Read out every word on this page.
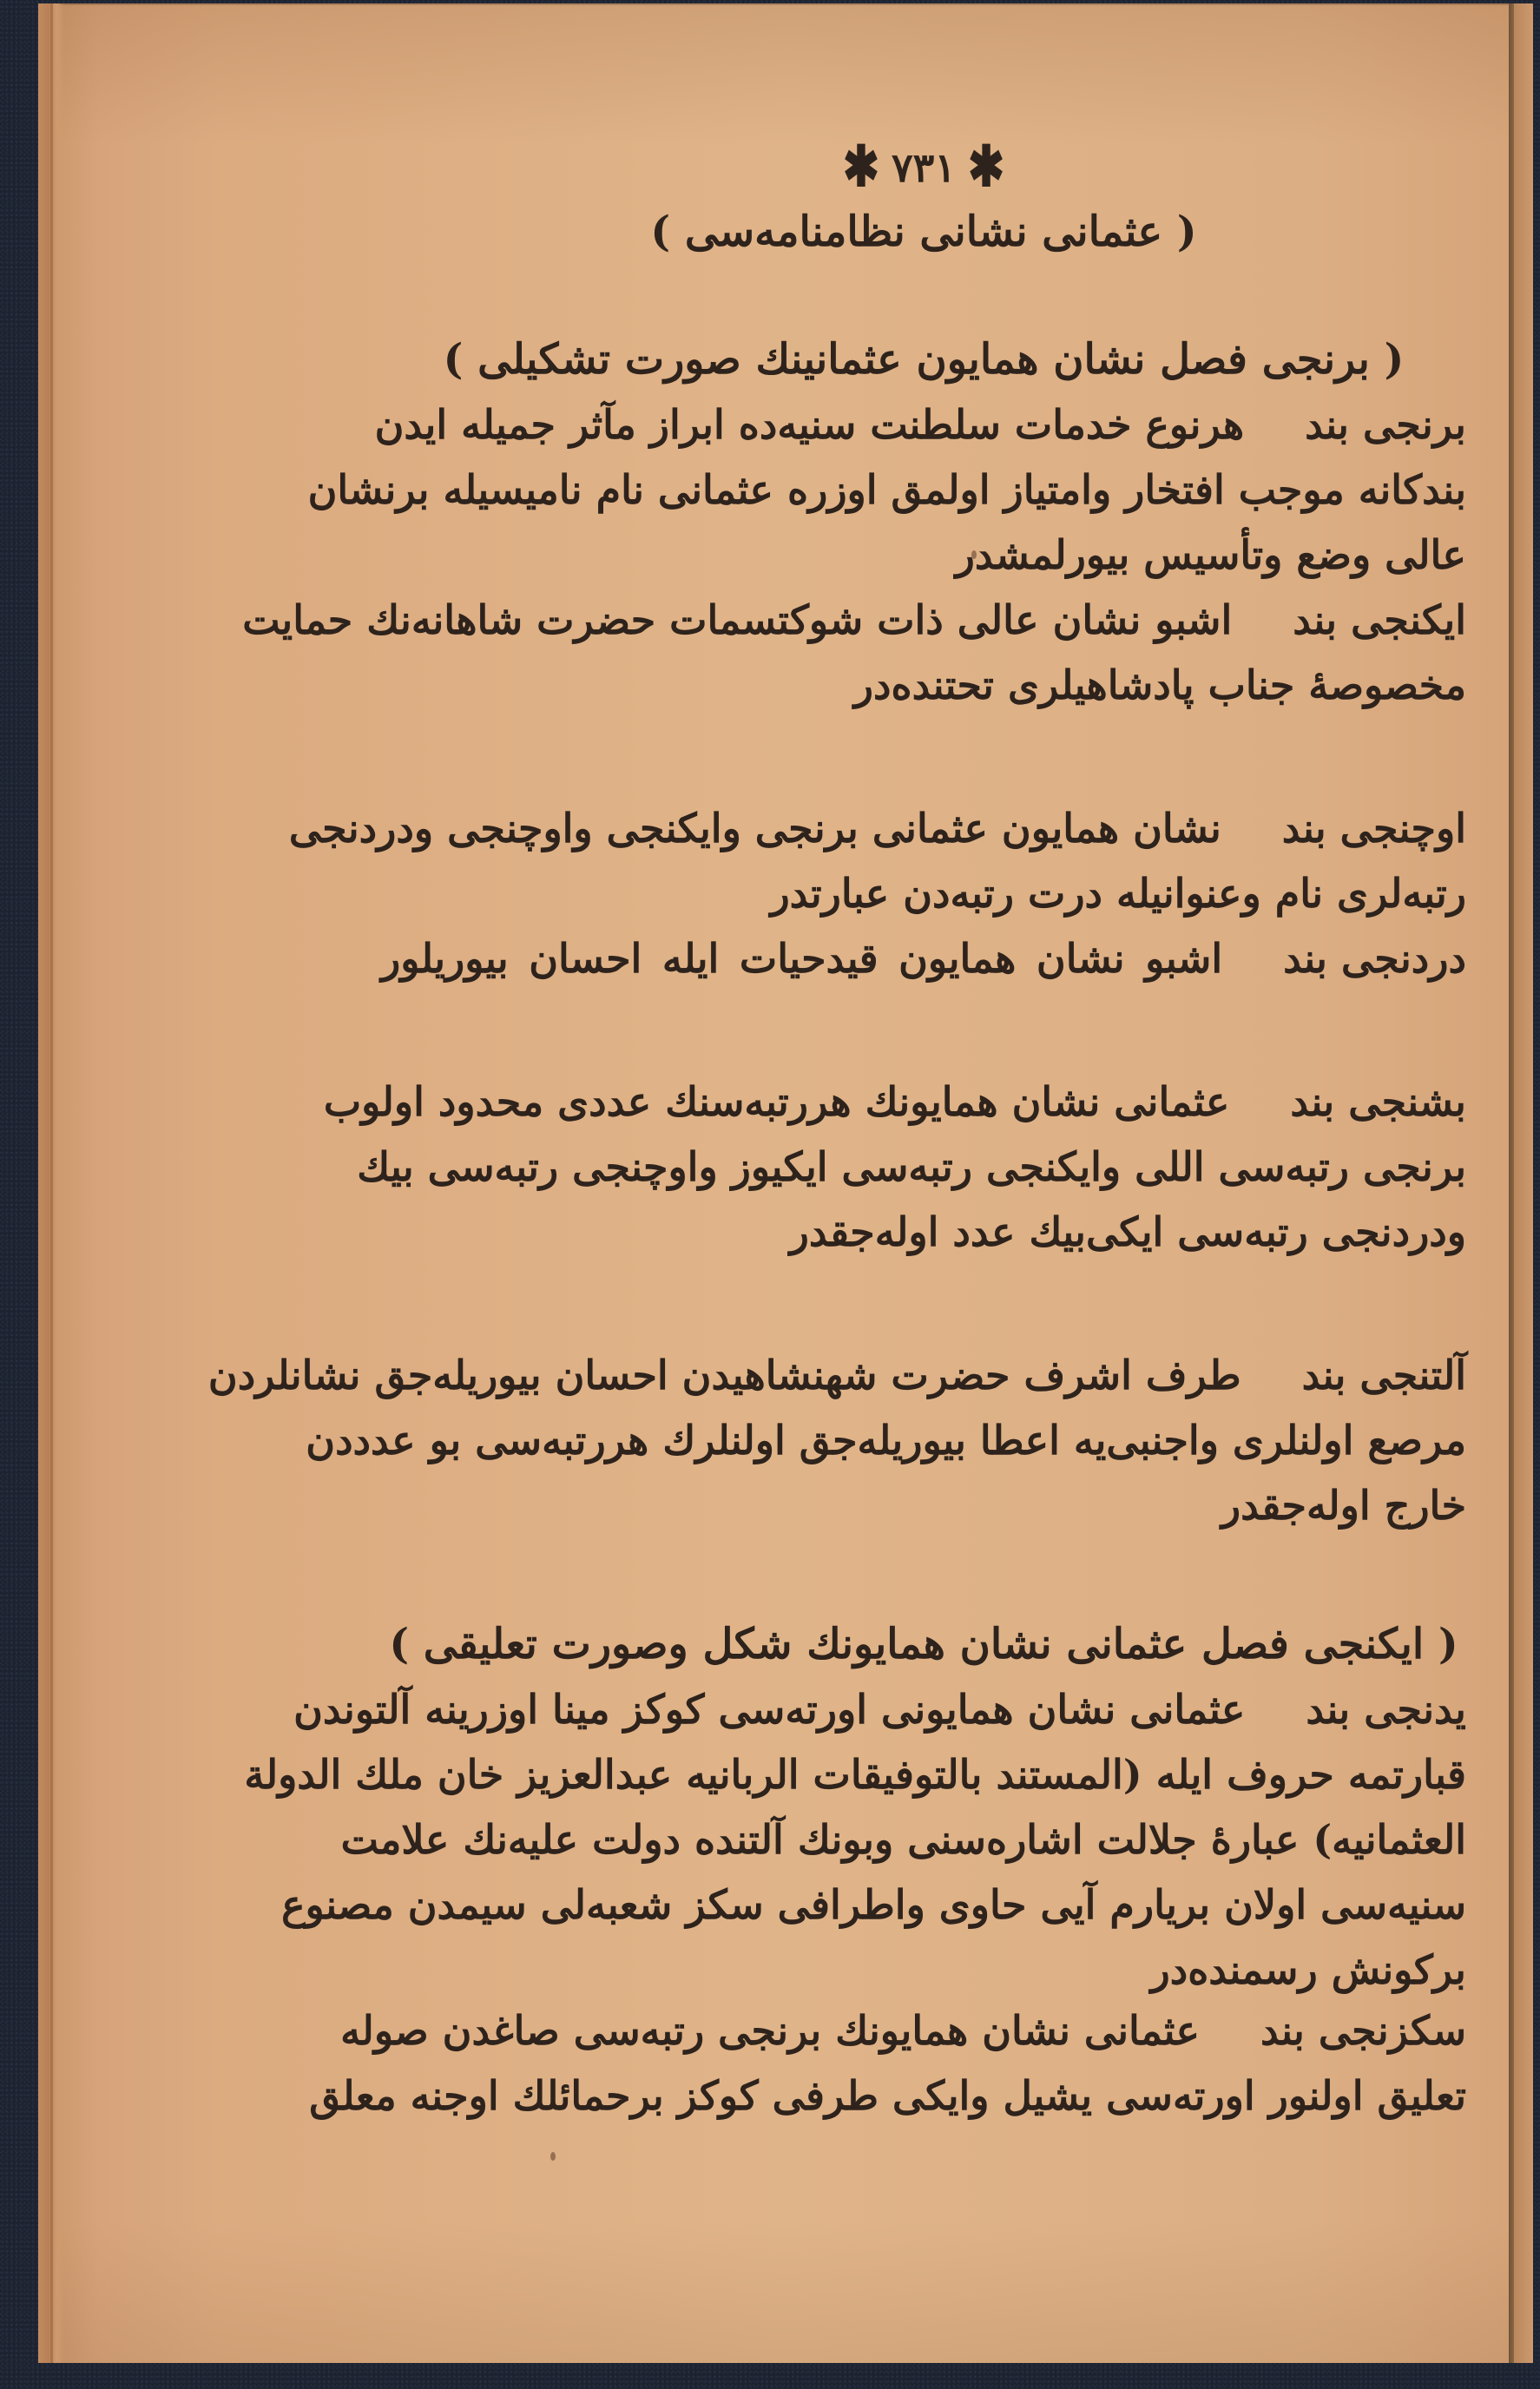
✱٧٣١✱
( عثمانی نشانی نظامنامه‌سی )
( برنجی فصل نشان همایون عثمانینك صورت تشکیلی )
برنجی بندهرنوع خدمات سلطنت سنیه‌ده ابراز مآثر جمیله ایدن
بندکانه موجب افتخار وامتیاز اولمق اوزره عثمانی نام نامیسیله برنشان
عالی وضع وتأسیس بیورلمشدر
ایکنجی بنداشبو نشان عالی ذات شوکتسمات حضرت شاهانه‌نك حمایت
مخصوصهٔ جناب پادشاهیلری تحتنده‌در
اوچنجی بندنشان همایون عثمانی برنجی وایکنجی واوچنجی ودردنجی
رتبه‌لری نام وعنوانیله درت رتبه‌دن عبارتدر
دردنجی بنداشبو نشان همایون قیدحیات ایله احسان بیوریلور
بشنجی بندعثمانی نشان همایونك هررتبه‌سنك عددی محدود اولوب
برنجی رتبه‌سی اللی وایکنجی رتبه‌سی ایکیوز واوچنجی رتبه‌سی بیك
ودردنجی رتبه‌سی ایکی‌بیك عدد اوله‌جقدر
آلتنجی بندطرف اشرف حضرت شهنشاهیدن احسان بیوریله‌جق نشانلردن
مرصع اولنلری واجنبی‌یه اعطا بیوریله‌جق اولنلرك هررتبه‌سی بو عدددن
خارج اوله‌جقدر
( ایکنجی فصل عثمانی نشان همایونك شکل وصورت تعلیقی )
یدنجی بندعثمانی نشان همایونی اورته‌سی کوکز مینا اوزرینه آلتوندن
قبارتمه حروف ایله (المستند بالتوفیقات الربانیه عبدالعزیز خان ملك الدولة
العثمانیه) عبارهٔ جلالت اشاره‌سنی وبونك آلتنده دولت علیه‌نك علامت
سنیه‌سی اولان بریارم آیی حاوی واطرافی سکز شعبه‌لی سیمدن مصنوع
برکونش رسمنده‌در
سکزنجی بندعثمانی نشان همایونك برنجی رتبه‌سی صاغدن صوله
تعلیق اولنور اورته‌سی یشیل وایکی طرفی کوکز برحمائلك اوجنه معلق
